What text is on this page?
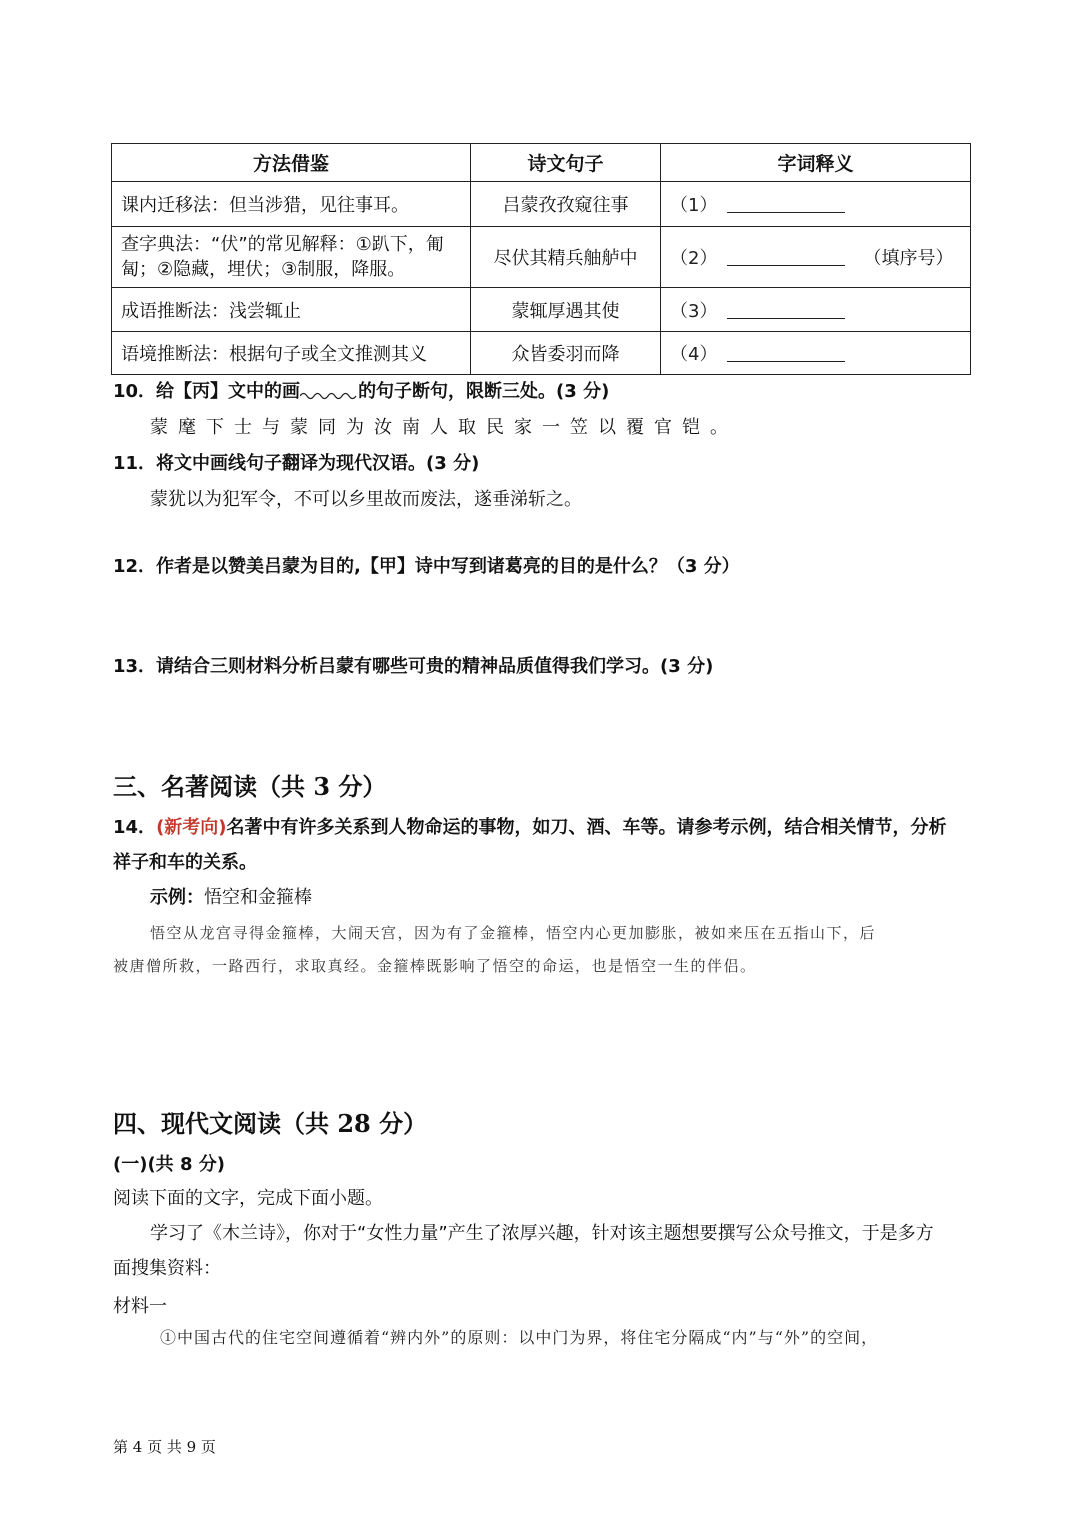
方法借鉴	诗文句子	字词释义
课内迁移法：但当涉猎，见往事耳。	吕蒙孜孜窥往事	（1）
查字典法：“伏”的常见解释：①趴下，匍匐；②隐藏，埋伏；③制服，降服。	尽伏其精兵舳舻中	（2） （填序号）
成语推断法：浅尝辄止	蒙辄厚遇其使	（3）
语境推断法：根据句子或全文推测其义	众皆委羽而降	（4）
10．给【丙】文中的画	的句子断句，限断三处。(3 分)
蒙麾下士与蒙同为汝南人取民家一笠以覆官铠。
11．将文中画线句子翻译为现代汉语。(3 分)
蒙犹以为犯军令，不可以乡里故而废法，遂垂涕斩之。
12．作者是以赞美吕蒙为目的,【甲】诗中写到诸葛亮的目的是什么？（3 分）
13．请结合三则材料分析吕蒙有哪些可贵的精神品质值得我们学习。(3 分)
三、名著阅读（共 3 分）
14．(新考向)名著中有许多关系到人物命运的事物，如刀、酒、车等。请参考示例，结合相关情节，分析
祥子和车的关系。
示例：悟空和金箍棒
悟空从龙宫寻得金箍棒，大闹天宫，因为有了金箍棒，悟空内心更加膨胀，被如来压在五指山下，后
被唐僧所救，一路西行，求取真经。金箍棒既影响了悟空的命运，也是悟空一生的伴侣。
四、现代文阅读（共 28 分）
(一)(共 8 分)
阅读下面的文字，完成下面小题。
学习了《木兰诗》，你对于“女性力量”产生了浓厚兴趣，针对该主题想要撰写公众号推文，于是多方
面搜集资料：
材料一
①中国古代的住宅空间遵循着“辨内外”的原则：以中门为界，将住宅分隔成“内”与“外”的空间，
第 4 页 共 9 页
